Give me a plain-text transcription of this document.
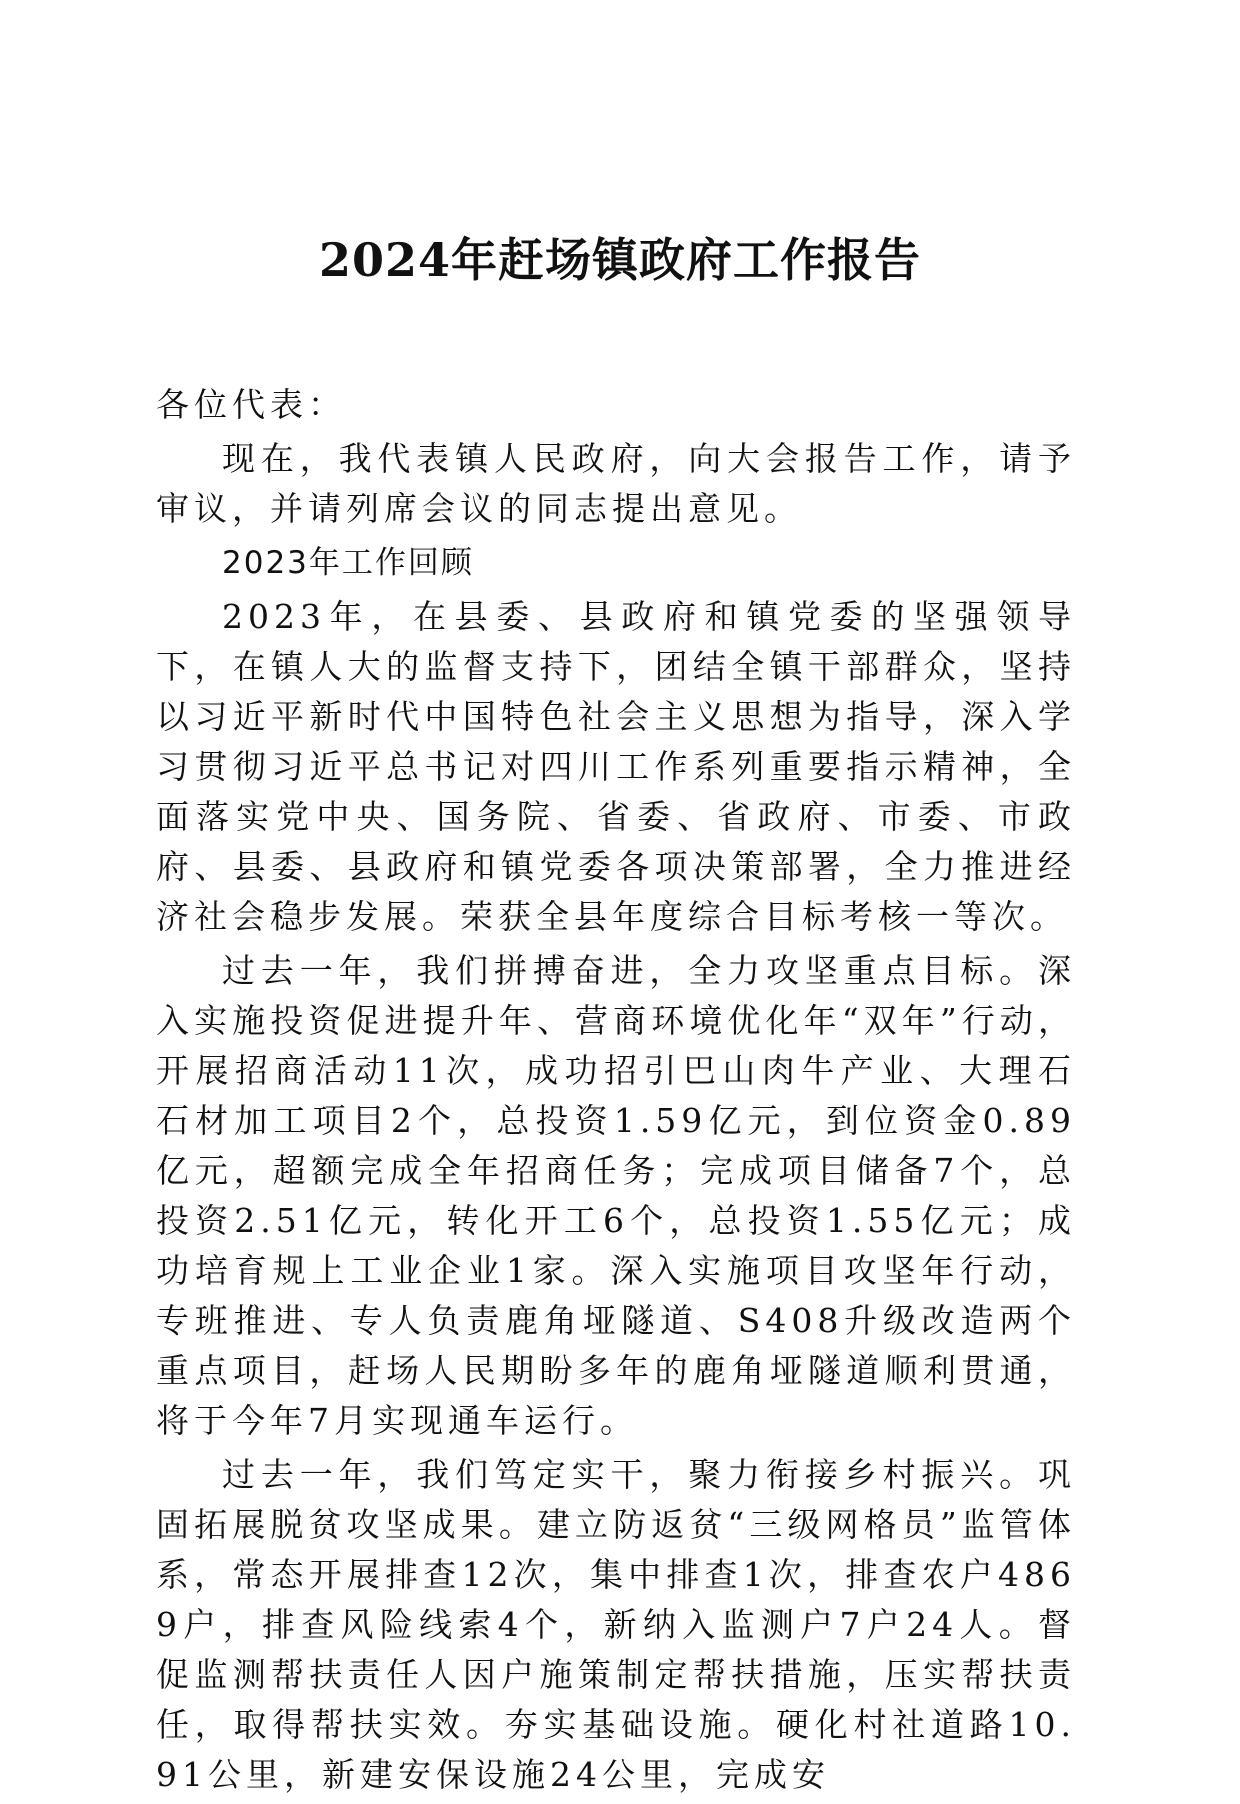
2024年赶场镇政府工作报告

各位代表：

现在，我代表镇人民政府，向大会报告工作，请予审议，并请列席会议的同志提出意见。

2023年工作回顾

2023年，在县委、县政府和镇党委的坚强领导下，在镇人大的监督支持下，团结全镇干部群众，坚持以习近平新时代中国特色社会主义思想为指导，深入学习贯彻习近平总书记对四川工作系列重要指示精神，全面落实党中央、国务院、省委、省政府、市委、市政府、县委、县政府和镇党委各项决策部署，全力推进经济社会稳步发展。荣获全县年度综合目标考核一等次。

过去一年，我们拼搏奋进，全力攻坚重点目标。深入实施投资促进提升年、营商环境优化年“双年”行动，开展招商活动11次，成功招引巴山肉牛产业、大理石石材加工项目2个，总投资1.59亿元，到位资金0.89亿元，超额完成全年招商任务；完成项目储备7个，总投资2.51亿元，转化开工6个，总投资1.55亿元；成功培育规上工业企业1家。深入实施项目攻坚年行动，专班推进、专人负责鹿角垭隧道、S408升级改造两个重点项目，赶场人民期盼多年的鹿角垭隧道顺利贯通，将于今年7月实现通车运行。

过去一年，我们笃定实干，聚力衔接乡村振兴。巩固拓展脱贫攻坚成果。建立防返贫“三级网格员”监管体系，常态开展排查12次，集中排查1次，排查农户4869户，排查风险线索4个，新纳入监测户7户24人。督促监测帮扶责任人因户施策制定帮扶措施，压实帮扶责任，取得帮扶实效。夯实基础设施。硬化村社道路10.91公里，新建安保设施24公里，完成安
